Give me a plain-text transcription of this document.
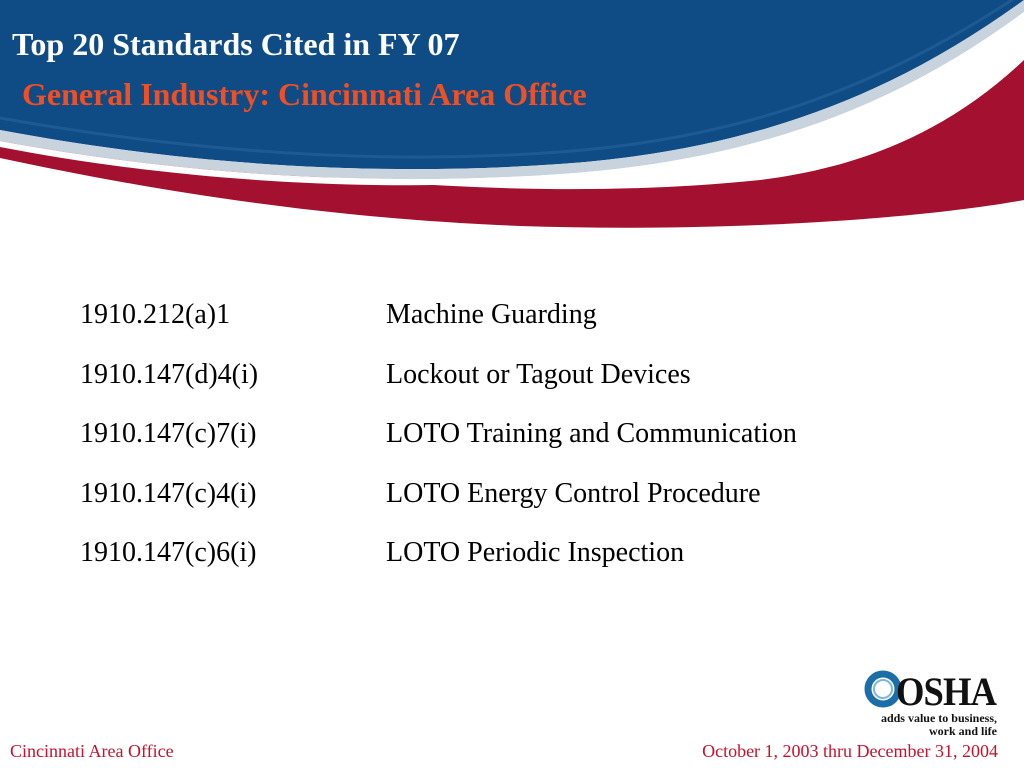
Top 20 Standards Cited in FY 07
General Industry: Cincinnati Area Office
1910.212(a)1	Machine Guarding
1910.147(d)4(i)	Lockout or Tagout Devices
1910.147(c)7(i)	LOTO Training and Communication
1910.147(c)4(i)	LOTO Energy Control Procedure
1910.147(c)6(i)	LOTO Periodic Inspection
OSHA
adds value to business,
work and life
Cincinnati Area Office	October 1, 2003 thru December 31, 2004
